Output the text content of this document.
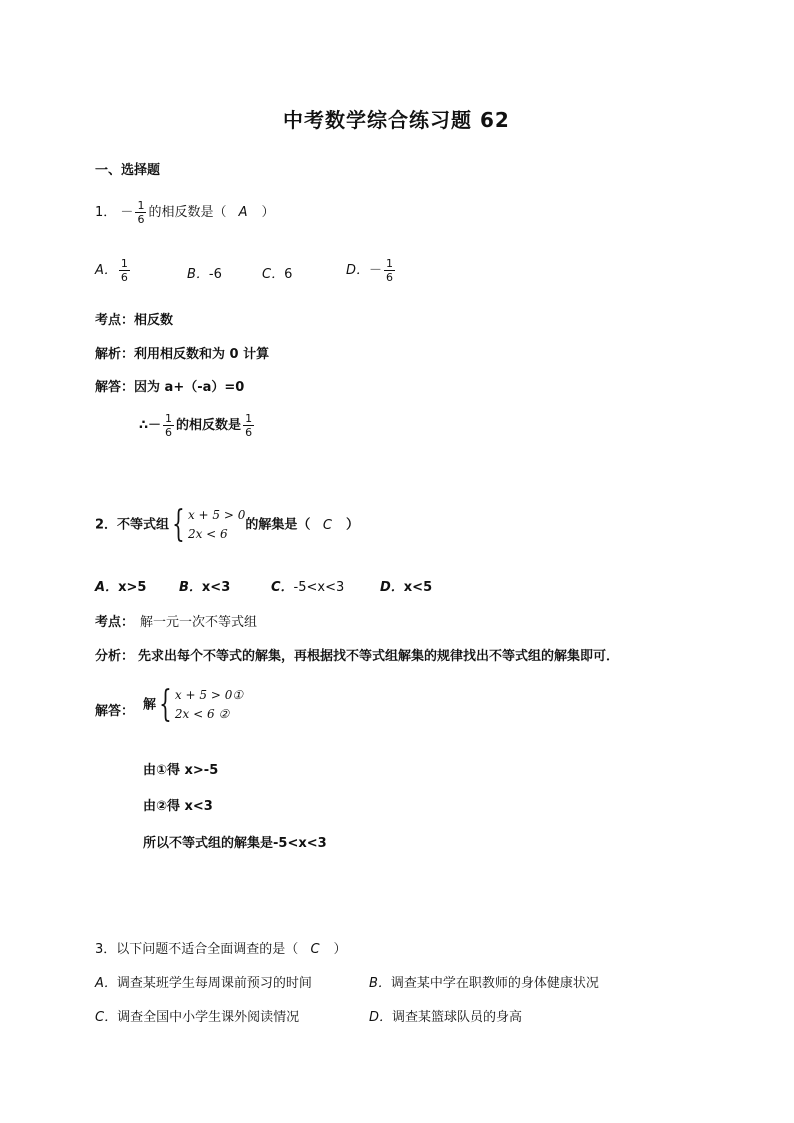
中考数学综合练习题 62
一、选择题
1． － $\frac{1}{6}$ 的相反数是（ A ）
A． $\frac{1}{6}$	B．-6	C．6	D．－ $\frac{1}{6}$
考点：相反数
解析：利用相反数和为 0 计算
解答：因为 a+（-a）=0
∴－ $\frac{1}{6}$ 的相反数是 $\frac{1}{6}$
2．不等式组 { x + 5 > 0
2x < 6
的解集是（ C ）
A．x>5	B．x<3	C．-5<x<3	D．x<5
考点： 解一元一次不等式组
分析： 先求出每个不等式的解集，再根据找不等式组解集的规律找出不等式组的解集即可．
解答： 解 { x + 5 > 0①
2x < 6 ②
由①得 x>-5
由②得 x<3
所以不等式组的解集是-5<x<3
3．以下问题不适合全面调查的是（ C ）
A．调查某班学生每周课前预习的时间	B．调查某中学在职教师的身体健康状况
C．调查全国中小学生课外阅读情况	D．调查某篮球队员的身高
